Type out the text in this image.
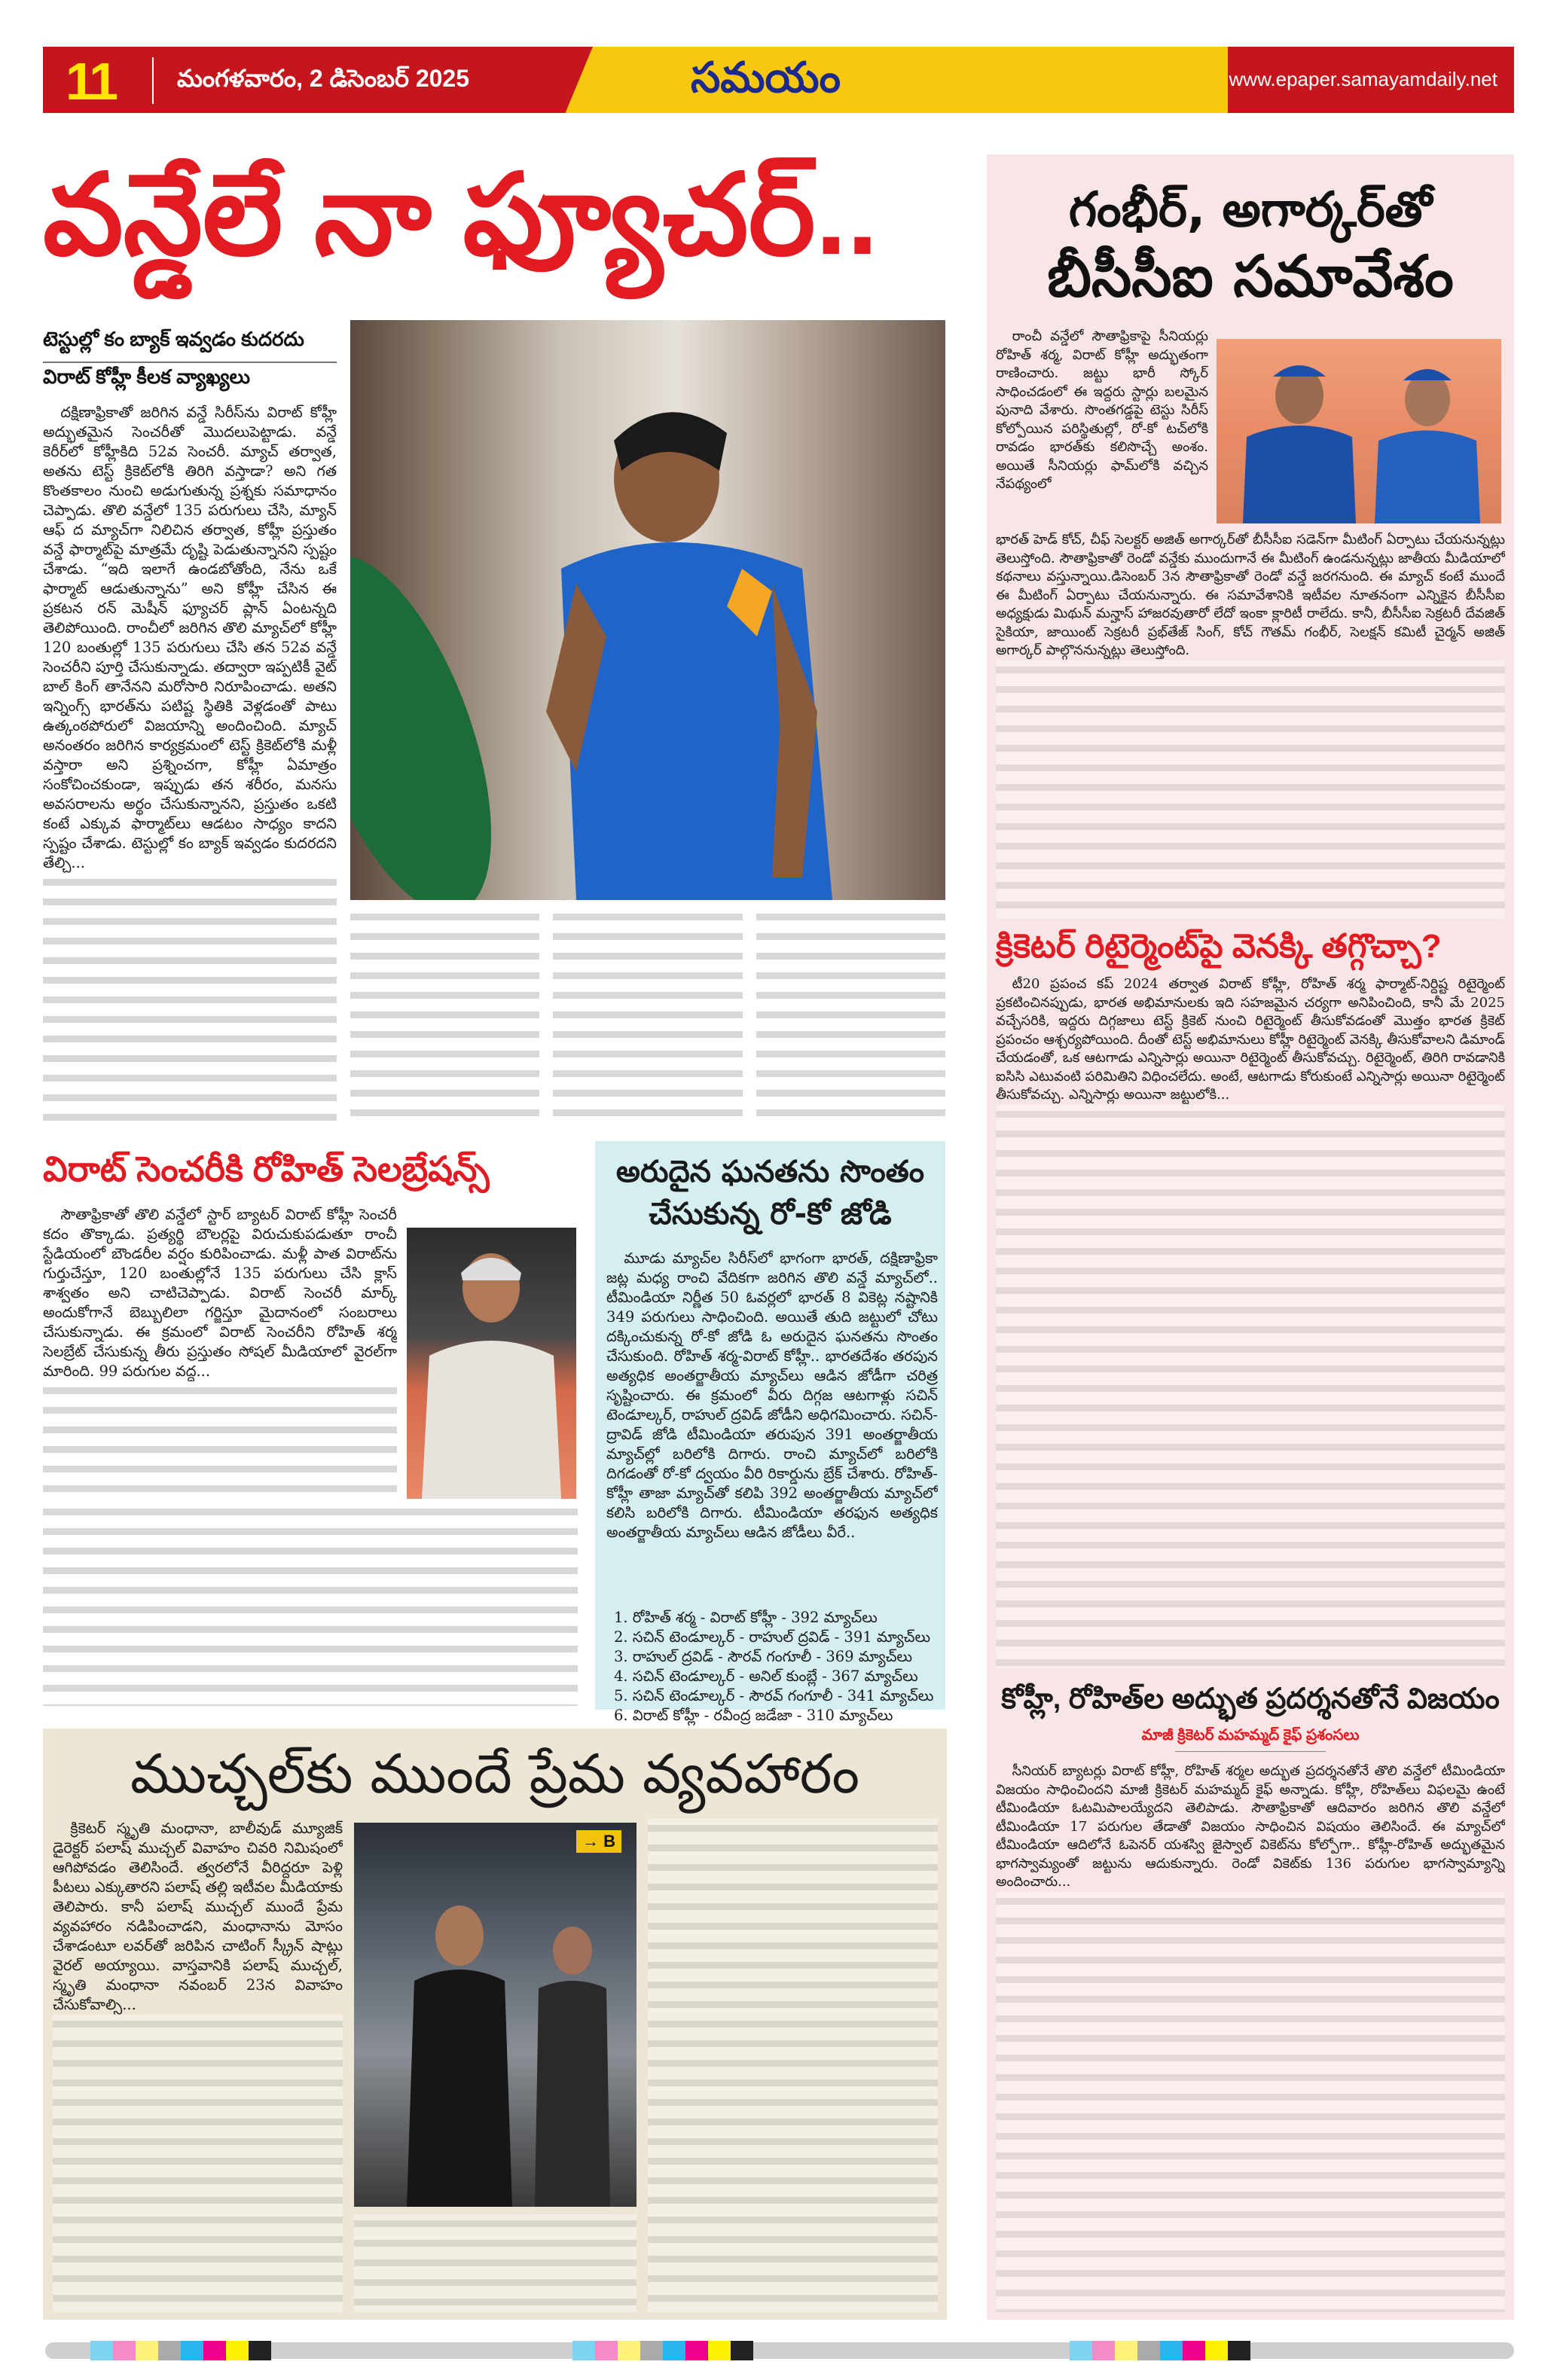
11	మంగళవారం, 2 డిసెంబర్ 2025	సమయం	www.epaper.samayamdaily.net
వన్డేలే నా ఫ్యూచర్..
టెస్టుల్లో కం బ్యాక్ ఇవ్వడం కుదరదు
విరాట్ కోహ్లీ కీలక వ్యాఖ్యలు

దక్షిణాఫ్రికాతో జరిగిన వన్డే సిరీస్‌ను విరాట్ కోహ్లీ అద్భుతమైన సెంచరీతో మొదలుపెట్టాడు. వన్డే కెరీర్‌లో కోహ్లీకిది 52వ సెంచరీ. మ్యాచ్ తర్వాత, అతను టెస్ట్ క్రికెట్‌లోకి తిరిగి వస్తాడా? అని గత కొంతకాలం నుంచి అడుగుతున్న ప్రశ్నకు సమాధానం చెప్పాడు. తొలి వన్డేలో 135 పరుగులు చేసి, మ్యాన్ ఆఫ్ ద మ్యాచ్‌గా నిలిచిన తర్వాత, కోహ్లీ ప్రస్తుతం వన్డే ఫార్మాట్‌పై మాత్రమే దృష్టి పెడుతున్నానని స్పష్టం చేశాడు. “ఇది ఇలాగే ఉండబోతోంది, నేను ఒకే ఫార్మాట్ ఆడుతున్నాను” అని కోహ్లీ చేసిన ఈ ప్రకటన రన్ మెషీన్ ఫ్యూచర్ ప్లాన్ ఏంటన్నది తెలిపోయింది. రాంచీలో జరిగిన తొలి మ్యాచ్‌లో కోహ్లీ 120 బంతుల్లో 135 పరుగులు చేసి తన 52వ వన్డే సెంచరీని పూర్తి చేసుకున్నాడు. తద్వారా ఇప్పటికీ వైట్ బాల్ కింగ్ తానేనని మరోసారి నిరూపించాడు. అతని ఇన్నింగ్స్ భారత్‌ను పటిష్ట స్థితికి వెళ్లడంతో పాటు ఉత్కంఠపోరులో విజయాన్ని అందించింది. మ్యాచ్ అనంతరం జరిగిన కార్యక్రమంలో టెస్ట్ క్రికెట్‌లోకి మళ్లీ వస్తారా అని ప్రశ్నించగా, కోహ్లీ ఏమాత్రం సంకోచించకుండా, ఇప్పుడు తన శరీరం, మనసు అవసరాలను అర్థం చేసుకున్నానని, ప్రస్తుతం ఒకటి కంటే ఎక్కువ ఫార్మాట్‌లు ఆడటం సాధ్యం కాదని స్పష్టం చేశాడు. టెస్టుల్లో కం బ్యాక్ ఇవ్వడం కుదరదని తేల్చి...

విరాట్ సెంచరీకి రోహిత్ సెలబ్రేషన్స్

సౌతాఫ్రికాతో తొలి వన్డేలో స్టార్ బ్యాటర్ విరాట్ కోహ్లీ సెంచరీ కదం తొక్కాడు. ప్రత్యర్థి బౌలర్లపై విరుచుకుపడుతూ రాంచీ స్టేడియంలో బౌండరీల వర్షం కురిపించాడు. మళ్లీ పాత విరాట్‌ను గుర్తుచేస్తూ, 120 బంతుల్లోనే 135 పరుగులు చేసి క్లాస్ శాశ్వతం అని చాటిచెప్పాడు. విరాట్ సెంచరీ మార్క్ అందుకోగానే బెబ్బులిలా గర్జిస్తూ మైదానంలో సంబరాలు చేసుకున్నాడు. ఈ క్రమంలో విరాట్ సెంచరీని రోహిత్ శర్మ సెలబ్రేట్ చేసుకున్న తీరు ప్రస్తుతం సోషల్ మీడియాలో వైరల్‌గా మారింది. 99 పరుగుల వద్ద...

అరుదైన ఘనతను సొంతం చేసుకున్న రో-కో జోడి

మూడు మ్యాచ్‌ల సిరీస్‌లో భాగంగా భారత్, దక్షిణాఫ్రికా జట్ల మధ్య రాంచి వేదికగా జరిగిన తొలి వన్డే మ్యాచ్‌లో.. టీమిండియా నిర్ణీత 50 ఓవర్లలో భారత్ 8 వికెట్ల నష్టానికి 349 పరుగులు సాధించింది. అయితే తుది జట్టులో చోటు దక్కించుకున్న రో-కో జోడి ఓ అరుదైన ఘనతను సొంతం చేసుకుంది. రోహిత్ శర్మ-విరాట్ కోహ్లీ.. భారతదేశం తరపున అత్యధిక అంతర్జాతీయ మ్యాచ్‌లు ఆడిన జోడీగా చరిత్ర సృష్టించారు. ఈ క్రమంలో వీరు దిగ్గజ ఆటగాళ్లు సచిన్ టెండూల్కర్, రాహుల్ ద్రవిడ్ జోడీని అధిగమించారు. సచిన్-ద్రావిడ్ జోడి టీమిండియా తరుపున 391 అంతర్జాతీయ మ్యాచ్‌ల్లో బరిలోకి దిగారు. రాంచి మ్యాచ్‌లో బరిలోకి దిగడంతో రో-కో ద్వయం వీరి రికార్డును బ్రేక్ చేశారు. రోహిత్-కోహ్లీ తాజా మ్యాచ్‌తో కలిపి 392 అంతర్జాతీయ మ్యాచ్‌లో కలిసి బరిలోకి దిగారు. టీమిండియా తరఫున అత్యధిక అంతర్జాతీయ మ్యాచ్‌లు ఆడిన జోడీలు వీరే..

1. రోహిత్ శర్మ - విరాట్ కోహ్లీ - 392 మ్యాచ్‌లు
2. సచిన్ టెండూల్కర్ - రాహుల్ ద్రవిడ్ - 391 మ్యాచ్‌లు
3. రాహుల్ ద్రవిడ్ - సౌరవ్ గంగూలీ - 369 మ్యాచ్‌లు
4. సచిన్ టెండూల్కర్ - అనిల్ కుంబ్లే - 367 మ్యాచ్‌లు
5. సచిన్ టెండూల్కర్ - సౌరవ్ గంగూలీ - 341 మ్యాచ్‌లు
6. విరాట్ కోహ్లీ - రవీంద్ర జడేజా - 310 మ్యాచ్‌లు
ముచ్చల్‌కు ముందే ప్రేమ వ్యవహారం

క్రికెటర్ స్మృతి మంధానా, బాలీవుడ్ మ్యూజిక్ డైరెక్టర్ పలాష్ ముచ్చల్ వివాహం చివరి నిమిషంలో ఆగిపోవడం తెలిసిందే. త్వరలోనే వీరిద్దరూ పెళ్లి పీటలు ఎక్కుతారని పలాష్ తల్లి ఇటీవల మీడియాకు తెలిపారు. కానీ పలాష్ ముచ్చల్ ముందే ప్రేమ వ్యవహారం నడిపించాడని, మంధానాను మోసం చేశాడంటూ లవర్‌తో జరిపిన చాటింగ్ స్క్రీన్ షాట్లు వైరల్ అయ్యాయి. వాస్తవానికి పలాష్ ముచ్చల్, స్మృతి మంధానా నవంబర్ 23న వివాహం చేసుకోవాల్సి...

→ B
గంభీర్, అగార్కర్‌తో
బీసీసీఐ సమావేశం

రాంచీ వన్డేలో సౌతాఫ్రికాపై సీనియర్లు రోహిత్ శర్మ, విరాట్ కోహ్లీ అద్భుతంగా రాణించారు. జట్టు భారీ స్కోర్ సాధించడంలో ఈ ఇద్దరు స్టార్లు బలమైన పునాది వేశారు. సొంతగడ్డపై టెస్టు సిరీస్ కోల్పోయిన పరిస్థితుల్లో, రో-కో టచ్‌లోకి రావడం భారత్‌కు కలిసొచ్చే అంశం. అయితే సీనియర్లు ఫామ్‌లోకి వచ్చిన నేపథ్యంలో

భారత్ హెడ్ కోచ్, చీఫ్ సెలక్టర్ అజిత్ అగార్కర్‌తో బీసీసీఐ సడెన్‌గా మీటింగ్ ఏర్పాటు చేయనున్నట్లు తెలుస్తోంది. సౌతాఫ్రికాతో రెండో వన్డేకు ముందుగానే ఈ మీటింగ్ ఉండనున్నట్లు జాతీయ మీడియాలో కథనాలు వస్తున్నాయి.డిసెంబర్ 3న సౌతాఫ్రికాతో రెండో వన్డే జరగనుంది. ఈ మ్యాచ్ కంటే ముందే ఈ మీటింగ్ ఏర్పాటు చేయనున్నారు. ఈ సమావేశానికి ఇటీవల నూతనంగా ఎన్నికైన బీసీసీఐ అధ్యక్షుడు మిథున్ మన్హాస్ హాజరవుతారో లేదో ఇంకా క్లారిటీ రాలేదు. కానీ, బీసీసీఐ సెక్రటరీ దేవజిత్ సైకియా, జాయింట్ సెక్రటరీ ప్రభ్‌తేజ్ సింగ్, కోచ్ గౌతమ్ గంభీర్, సెలక్షన్ కమిటీ చైర్మన్ అజిత్ అగార్కర్ పాల్గొననున్నట్లు తెలుస్తోంది.

క్రికెటర్ రిటైర్మెంట్‌పై వెనక్కి తగ్గొచ్చా?

టీ20 ప్రపంచ కప్ 2024 తర్వాత విరాట్ కోహ్లీ, రోహిత్ శర్మ ఫార్మాట్-నిర్దిష్ట రిటైర్మెంట్ ప్రకటించినప్పుడు, భారత అభిమానులకు ఇది సహజమైన చర్యగా అనిపించింది, కానీ మే 2025 వచ్చేసరికి, ఇద్దరు దిగ్గజాలు టెస్ట్ క్రికెట్ నుంచి రిటైర్మెంట్ తీసుకోవడంతో మొత్తం భారత క్రికెట్ ప్రపంచం ఆశ్చర్యపోయింది. దీంతో టెస్ట్ అభిమానులు కోహ్లీ రిటైర్మెంట్ వెనక్కి తీసుకోవాలని డిమాండ్ చేయడంతో, ఒక ఆటగాడు ఎన్నిసార్లు అయినా రిటైర్మెంట్ తీసుకోవచ్చు. రిటైర్మెంట్, తిరిగి రావడానికి ఐసిసి ఎటువంటి పరిమితిని విధించలేదు. అంటే, ఆటగాడు కోరుకుంటే ఎన్నిసార్లు అయినా రిటైర్మెంట్ తీసుకోవచ్చు. ఎన్నిసార్లు అయినా జట్టులోకి...

కోహ్లీ, రోహిత్‌ల అద్భుత ప్రదర్శనతోనే విజయం
మాజీ క్రికెటర్ మహమ్మద్ కైఫ్ ప్రశంసలు

సీనియర్ బ్యాటర్లు విరాట్ కోహ్లీ, రోహిత్ శర్మల అద్భుత ప్రదర్శనతోనే తొలి వన్డేలో టీమిండియా విజయం సాధించిందని మాజీ క్రికెటర్ మహమ్మద్ కైఫ్ అన్నాడు. కోహ్లీ, రోహిత్‌లు విఫలమై ఉంటే టీమిండియా ఓటమిపాలయ్యేదని తెలిపాడు. సౌతాఫ్రికాతో ఆదివారం జరిగిన తొలి వన్డేలో టీమిండియా 17 పరుగుల తేడాతో విజయం సాధించిన విషయం తెలిసిందే. ఈ మ్యాచ్‌లో టీమిండియా ఆదిలోనే ఓపెనర్ యశస్వి జైస్వాల్ వికెట్‌ను కోల్పోగా.. కోహ్లీ-రోహిత్ అద్భుతమైన భాగస్వామ్యంతో జట్టును ఆదుకున్నారు. రెండో వికెట్‌కు 136 పరుగుల భాగస్వామ్యాన్ని అందించారు...
